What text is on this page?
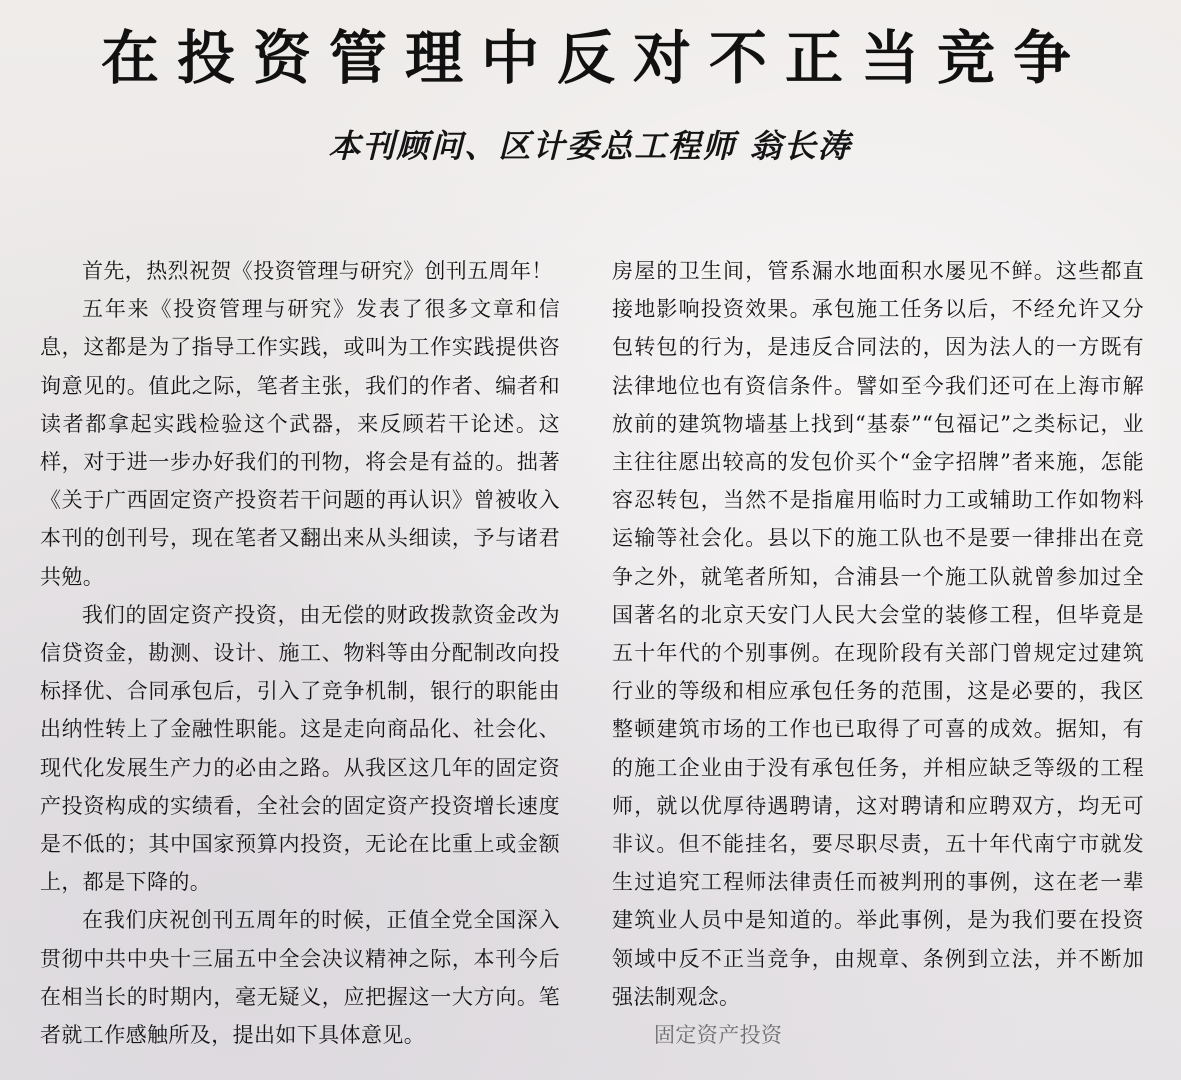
在投资管理中反对不正当竞争
本刊顾问、区计委总工程师 翁长涛

首先，热烈祝贺《投资管理与研究》创刊五周年！

五年来《投资管理与研究》发表了很多文章和信息，这都是为了指导工作实践，或叫为工作实践提供咨询意见的。值此之际，笔者主张，我们的作者、编者和读者都拿起实践检验这个武器，来反顾若干论述。这样，对于进一步办好我们的刊物，将会是有益的。拙著《关于广西固定资产投资若干问题的再认识》曾被收入本刊的创刊号，现在笔者又翻出来从头细读，予与诸君共勉。

我们的固定资产投资，由无偿的财政拨款资金改为信贷资金，勘测、设计、施工、物料等由分配制改向投标择优、合同承包后，引入了竞争机制，银行的职能由出纳性转上了金融性职能。这是走向商品化、社会化、现代化发展生产力的必由之路。从我区这几年的固定资产投资构成的实绩看，全社会的固定资产投资增长速度是不低的；其中国家预算内投资，无论在比重上或金额上，都是下降的。

在我们庆祝创刊五周年的时候，正值全党全国深入贯彻中共中央十三届五中全会决议精神之际，本刊今后在相当长的时期内，毫无疑义，应把握这一大方向。笔者就工作感触所及，提出如下具体意见。

房屋的卫生间，管系漏水地面积水屡见不鲜。这些都直接地影响投资效果。承包施工任务以后，不经允许又分包转包的行为，是违反合同法的，因为法人的一方既有法律地位也有资信条件。譬如至今我们还可在上海市解放前的建筑物墙基上找到“基泰”“包福记”之类标记，业主往往愿出较高的发包价买个“金字招牌”者来施，怎能容忍转包，当然不是指雇用临时力工或辅助工作如物料运输等社会化。县以下的施工队也不是要一律排出在竞争之外，就笔者所知，合浦县一个施工队就曾参加过全国著名的北京天安门人民大会堂的装修工程，但毕竟是五十年代的个别事例。在现阶段有关部门曾规定过建筑行业的等级和相应承包任务的范围，这是必要的，我区整顿建筑市场的工作也已取得了可喜的成效。据知，有的施工企业由于没有承包任务，并相应缺乏等级的工程师，就以优厚待遇聘请，这对聘请和应聘双方，均无可非议。但不能挂名，要尽职尽责，五十年代南宁市就发生过追究工程师法律责任而被判刑的事例，这在老一辈建筑业人员中是知道的。举此事例，是为我们要在投资领域中反不正当竞争，由规章、条例到立法，并不断加强法制观念。

固定资产投资
